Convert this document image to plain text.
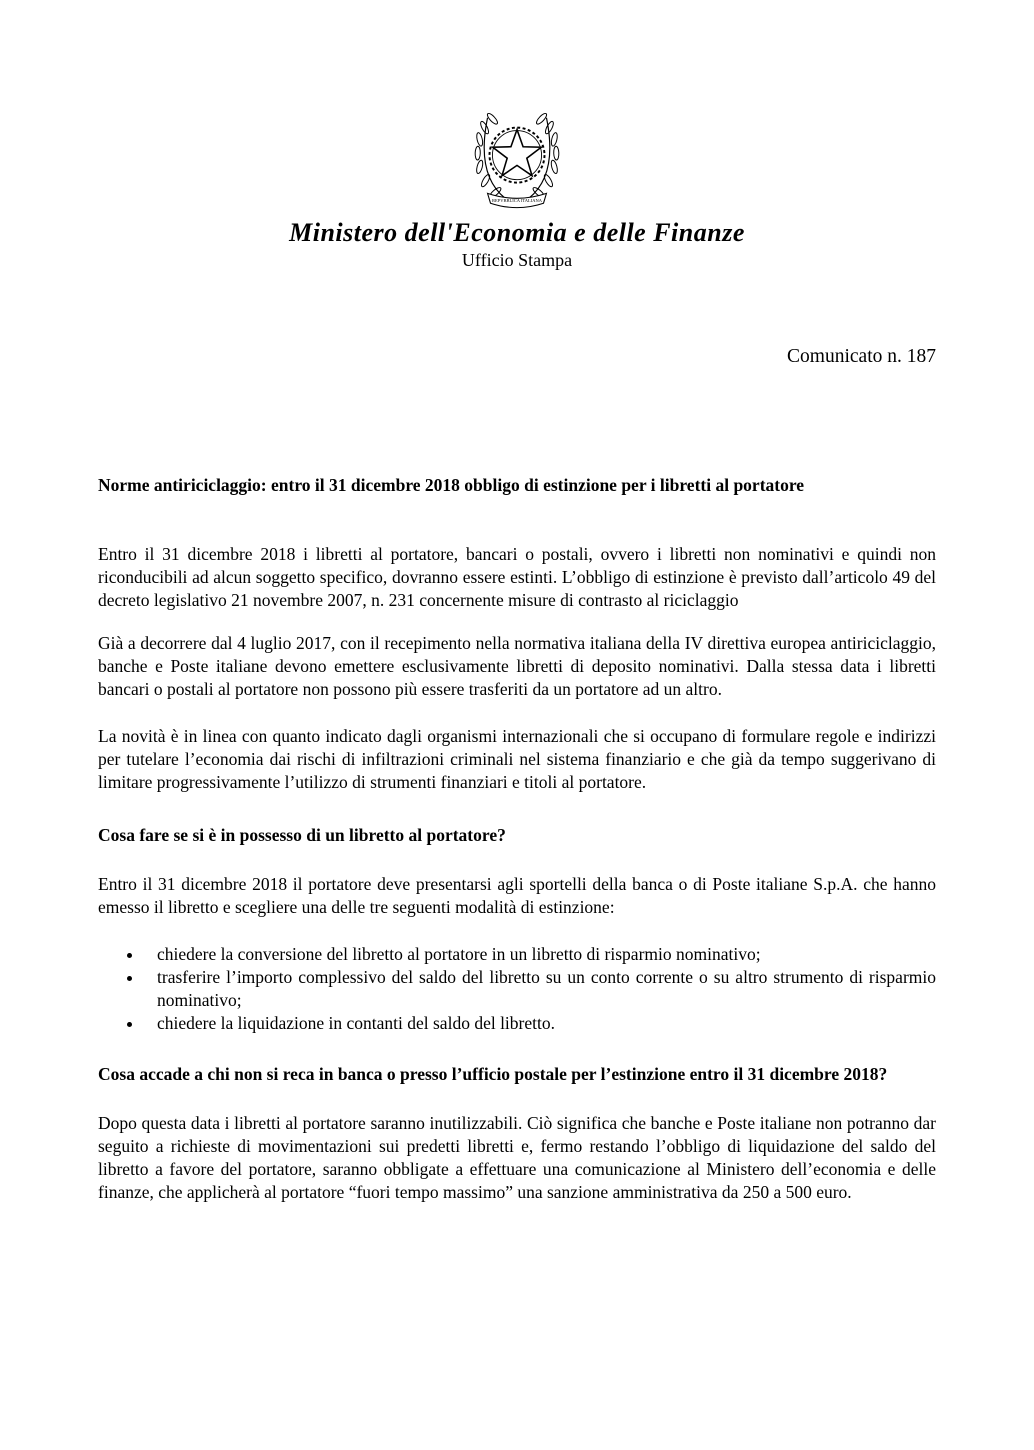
REPVBBLICA ITALIANA
Ministero dell'Economia e delle Finanze
Ufficio Stampa
Comunicato n. 187

Norme antiriciclaggio: entro il 31 dicembre 2018 obbligo di estinzione per i libretti al portatore

Entro il 31 dicembre 2018 i libretti al portatore, bancari o postali, ovvero i libretti non nominativi e quindi non riconducibili ad alcun soggetto specifico, dovranno essere estinti. L’obbligo di estinzione è previsto dall’articolo 49 del decreto legislativo 21 novembre 2007, n. 231 concernente misure di contrasto al riciclaggio

Già a decorrere dal 4 luglio 2017, con il recepimento nella normativa italiana della IV direttiva europea antiriciclaggio, banche e Poste italiane devono emettere esclusivamente libretti di deposito nominativi. Dalla stessa data i libretti bancari o postali al portatore non possono più essere trasferiti da un portatore ad un altro.

La novità è in linea con quanto indicato dagli organismi internazionali che si occupano di formulare regole e indirizzi per tutelare l’economia dai rischi di infiltrazioni criminali nel sistema finanziario e che già da tempo suggerivano di limitare progressivamente l’utilizzo di strumenti finanziari e titoli al portatore.

Cosa fare se si è in possesso di un libretto al portatore?

Entro il 31 dicembre 2018 il portatore deve presentarsi agli sportelli della banca o di Poste italiane S.p.A. che hanno emesso il libretto e scegliere una delle tre seguenti modalità di estinzione:

• chiedere la conversione del libretto al portatore in un libretto di risparmio nominativo;
• trasferire l’importo complessivo del saldo del libretto su un conto corrente o su altro strumento di risparmio nominativo;
• chiedere la liquidazione in contanti del saldo del libretto.

Cosa accade a chi non si reca in banca o presso l’ufficio postale per l’estinzione entro il 31 dicembre 2018?

Dopo questa data i libretti al portatore saranno inutilizzabili. Ciò significa che banche e Poste italiane non potranno dar seguito a richieste di movimentazioni sui predetti libretti e, fermo restando l’obbligo di liquidazione del saldo del libretto a favore del portatore, saranno obbligate a effettuare una comunicazione al Ministero dell’economia e delle finanze, che applicherà al portatore “fuori tempo massimo” una sanzione amministrativa da 250 a 500 euro.
